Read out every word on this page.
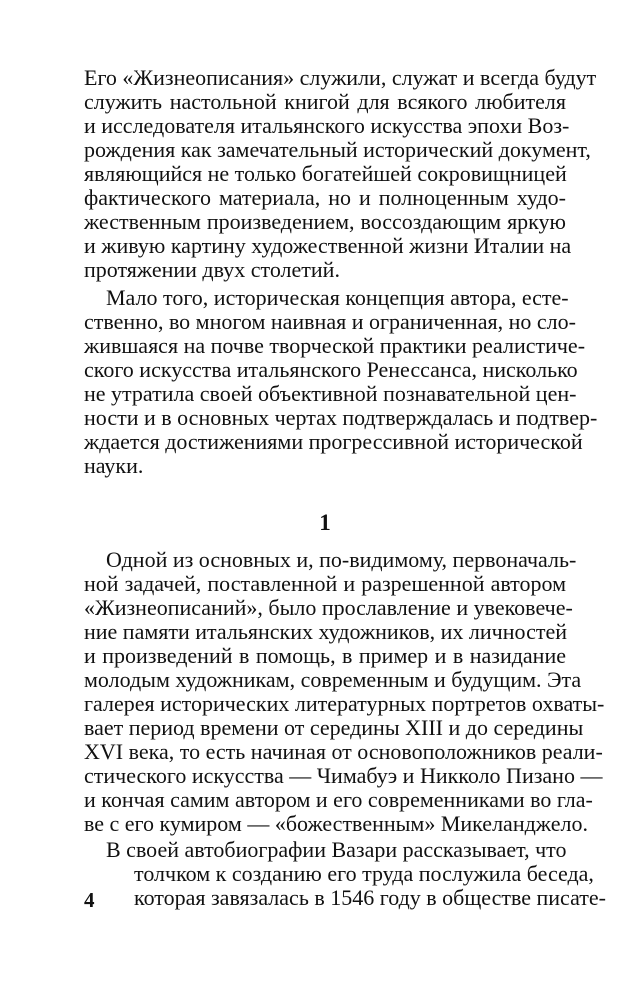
Его «Жизнеописания» служили, служат и всегда будут
служить настольной книгой для всякого любителя
и исследователя итальянского искусства эпохи Воз-
рождения как замечательный исторический документ,
являющийся не только богатейшей сокровищницей
фактического материала, но и полноценным худо-
жественным произведением, воссоздающим яркую
и живую картину художественной жизни Италии на
протяжении двух столетий.
Мало того, историческая концепция автора, есте-
ственно, во многом наивная и ограниченная, но сло-
жившаяся на почве творческой практики реалистиче-
ского искусства итальянского Ренессанса, нисколько
не утратила своей объективной познавательной цен-
ности и в основных чертах подтверждалась и подтвер-
ждается достижениями прогрессивной исторической
науки.
1
Одной из основных и, по-видимому, первоначаль-
ной задачей, поставленной и разрешенной автором
«Жизнеописаний», было прославление и увековече-
ние памяти итальянских художников, их личностей
и произведений в помощь, в пример и в назидание
молодым художникам, современным и будущим. Эта
галерея исторических литературных портретов охваты-
вает период времени от середины XIII и до середины
XVI века, то есть начиная от основоположников реали-
стического искусства — Чимабуэ и Никколо Пизано —
и кончая самим автором и его современниками во гла-
ве с его кумиром — «божественным» Микеланджело.
В своей автобиографии Вазари рассказывает, что
толчком к созданию его труда послужила беседа,
которая завязалась в 1546 году в обществе писате-
4
